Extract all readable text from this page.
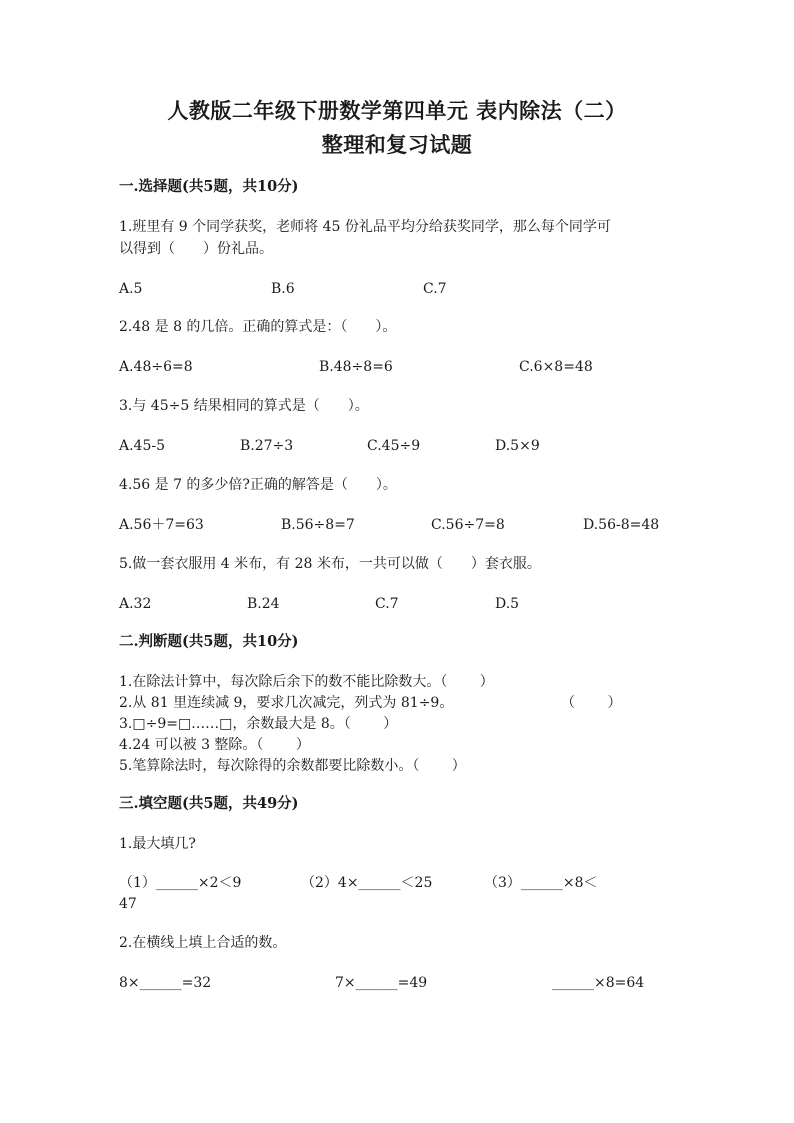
人教版二年级下册数学第四单元 表内除法（二）
整理和复习试题
一.选择题(共5题，共10分)
1.班里有 9 个同学获奖，老师将 45 份礼品平均分给获奖同学，那么每个同学可
以得到（　　）份礼品。
A.5	B.6	C.7
2.48 是 8 的几倍。正确的算式是：（　　）。
A.48÷6=8	B.48÷8=6	C.6×8=48
3.与 45÷5 结果相同的算式是（　　）。
A.45-5	B.27÷3	C.45÷9	D.5×9
4.56 是 7 的多少倍?正确的解答是（　　）。
A.56＋7=63	B.56÷8=7	C.56÷7=8	D.56-8=48
5.做一套衣服用 4 米布，有 28 米布，一共可以做（　　）套衣服。
A.32	B.24	C.7	D.5
二.判断题(共5题，共10分)
1.在除法计算中，每次除后余下的数不能比除数大。（　　 ）
2.从 81 里连续减 9，要求几次减完，列式为 81÷9。	（　　 ）
3.□÷9=□……□，余数最大是 8。（　　 ）
4.24 可以被 3 整除。（　　 ）
5.笔算除法时，每次除得的余数都要比除数小。（　　 ）
三.填空题(共5题，共49分)
1.最大填几?
（1）______×2＜9	（2）4×______＜25	（3）______×8＜
47
2.在横线上填上合适的数。
8×______=32	7×______=49	______×8=64
